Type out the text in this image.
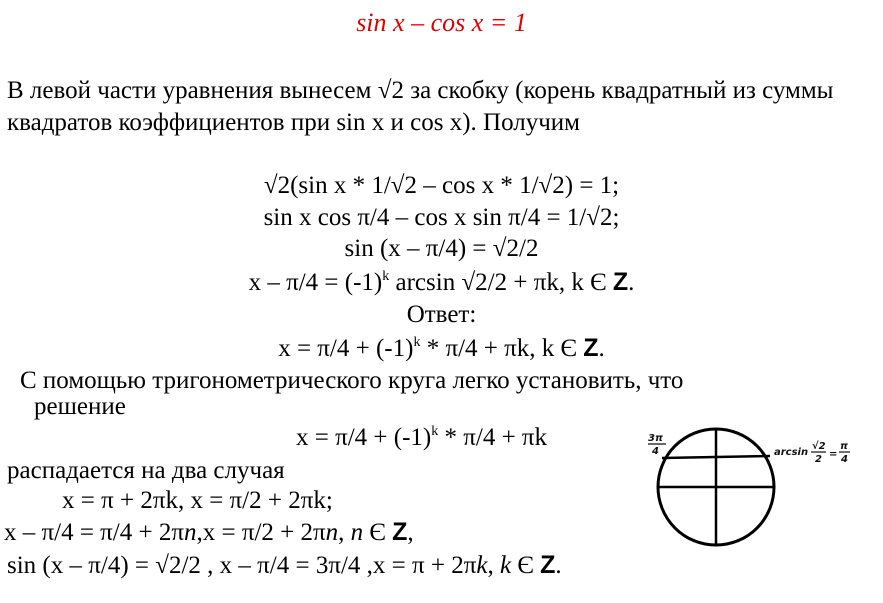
sin x – cos x = 1
В левой части уравнения вынесем √2 за скобку (корень квадратный из суммы квадратов коэффициентов при sin x и cos x). Получим
√2(sin x * 1/√2 – cos x * 1/√2) = 1;
sin x cos π/4 – cos x sin π/4 = 1/√2;
sin (x – π/4) = √2/2
$x - \pi/4 = (-1)^k$ arcsin √2/2 + πk, k Є Z.
Ответ:
$x = \pi/4 + (-1)^k * \pi/4 + \pi k$, k Є Z.
С помощью тригонометрического круга легко установить, что
решение
$x = \pi/4 + (-1)^k * \pi/4 + \pi k$
распадается на два случая
x = π + 2πk, x = π/2 + 2πk;
x – π/4 = π/4 + 2πn,x = π/2 + 2πn, n Є Z,
sin (x – π/4) = √2/2 , x – π/4 = 3π/4 ,x = π + 2πk, k Є Z.
3π
4	arcsin
√2
2 =
π
4
